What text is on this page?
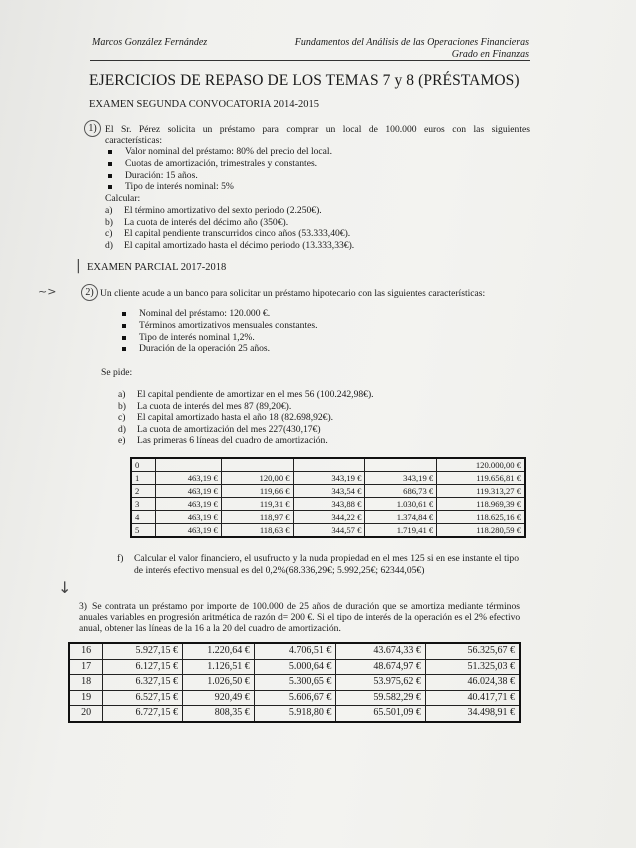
Marcos González Fernández	Fundamentos del Análisis de las Operaciones Financieras
Grado en Finanzas
EJERCICIOS DE REPASO DE LOS TEMAS 7 y 8 (PRÉSTAMOS)
EXAMEN SEGUNDA CONVOCATORIA 2014-2015
1) El Sr. Pérez solicita un préstamo para comprar un local de 100.000 euros con las siguientes
características:
Valor nominal del préstamo: 80% del precio del local.
Cuotas de amortización, trimestrales y constantes.
Duración: 15 años.
Tipo de interés nominal: 5%
Calcular:
a) El término amortizativo del sexto periodo (2.250€).
b) La cuota de interés del décimo año (350€).
c) El capital pendiente transcurridos cinco años (53.333,40€).
d) El capital amortizado hasta el décimo periodo (13.333,33€).
EXAMEN PARCIAL 2017-2018
|
~>	2) Un cliente acude a un banco para solicitar un préstamo hipotecario con las siguientes características:
Nominal del préstamo: 120.000 €.
Términos amortizativos mensuales constantes.
Tipo de interés nominal 1,2%.
Duración de la operación 25 años.
Se pide:
a) El capital pendiente de amortizar en el mes 56 (100.242,98€).
b) La cuota de interés del mes 87 (89,20€).
c) El capital amortizado hasta el año 18 (82.698,92€).
d) La cuota de amortización del mes 227(430,17€)
e) Las primeras 6 líneas del cuadro de amortización.
0					120.000,00 €
1	463,19 €	120,00 €	343,19 €	343,19 €	119.656,81 €
2	463,19 €	119,66 €	343,54 €	686,73 €	119.313,27 €
3	463,19 €	119,31 €	343,88 €	1.030,61 €	118.969,39 €
4	463,19 €	118,97 €	344,22 €	1.374,84 €	118.625,16 €
5	463,19 €	118,63 €	344,57 €	1.719,41 €	118.280,59 €
f) Calcular el valor financiero, el usufructo y la nuda propiedad en el mes 125 si en ese instante el tipo
de interés efectivo mensual es del 0,2%(68.336,29€; 5.992,25€; 62344,05€)
↓
3) Se contrata un préstamo por importe de 100.000 de 25 años de duración que se amortiza mediante términos
anuales variables en progresión aritmética de razón d= 200 €. Si el tipo de interés de la operación es el 2% efectivo
anual, obtener las líneas de la 16 a la 20 del cuadro de amortización.
16	5.927,15 €	1.220,64 €	4.706,51 €	43.674,33 €	56.325,67 €
17	6.127,15 €	1.126,51 €	5.000,64 €	48.674,97 €	51.325,03 €
18	6.327,15 €	1.026,50 €	5.300,65 €	53.975,62 €	46.024,38 €
19	6.527,15 €	920,49 €	5.606,67 €	59.582,29 €	40.417,71 €
20	6.727,15 €	808,35 €	5.918,80 €	65.501,09 €	34.498,91 €
